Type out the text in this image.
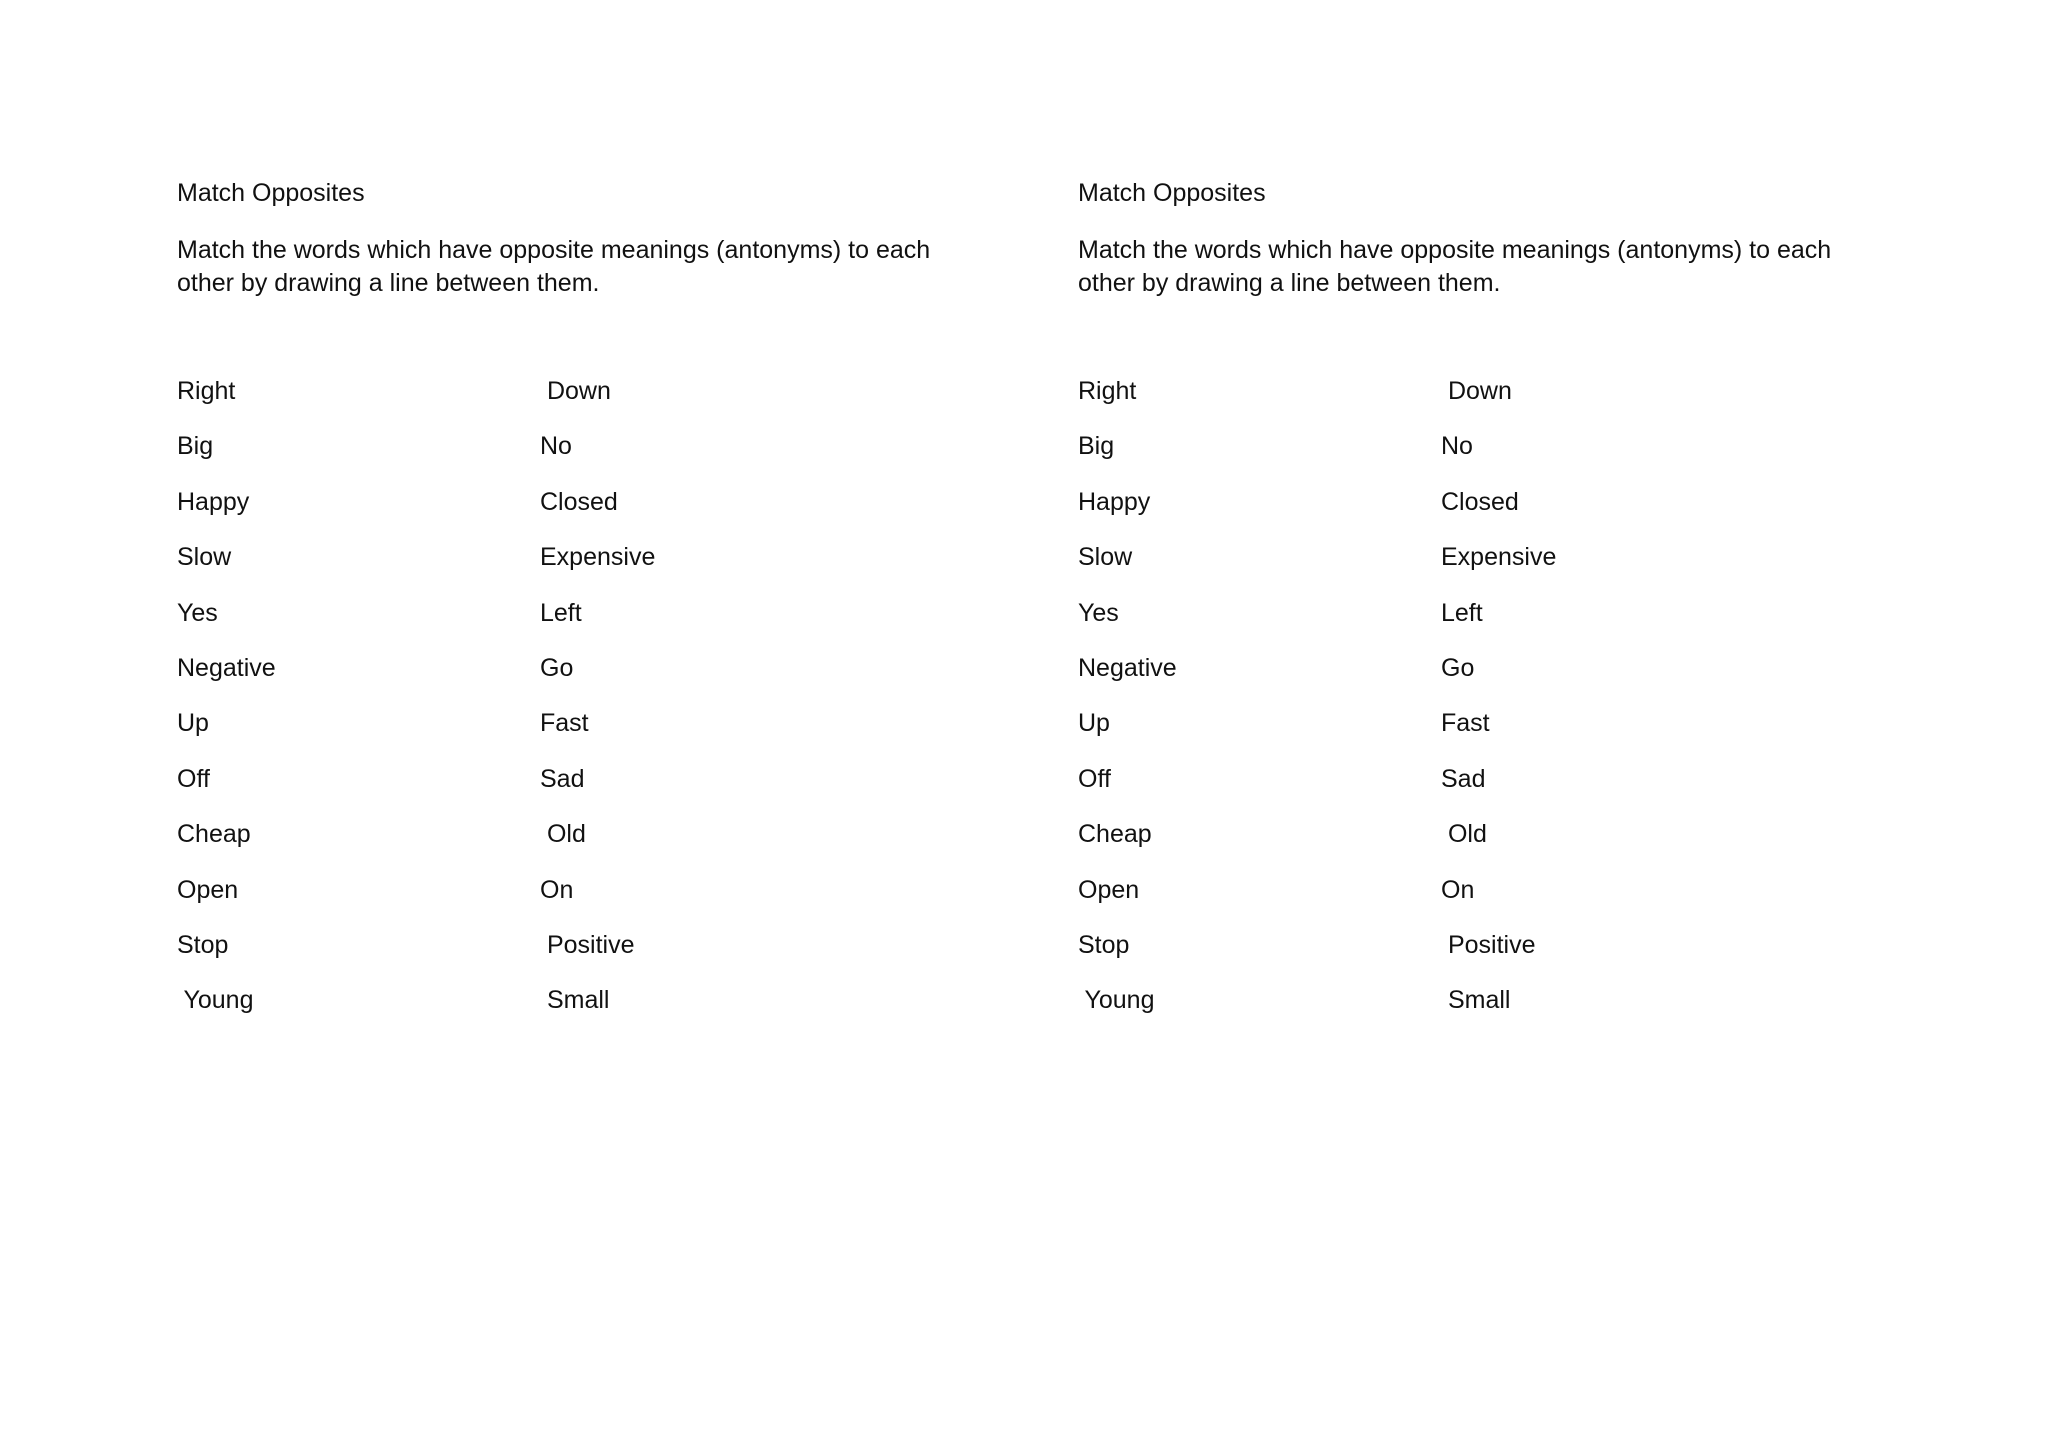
Match Opposites
Match the words which have opposite meanings (antonyms) to each other by drawing a line between them.
Right	Down
Big	No
Happy	Closed
Slow	Expensive
Yes	Left
Negative	Go
Up	Fast
Off	Sad
Cheap	Old
Open	On
Stop	Positive
Young	Small
Match Opposites
Match the words which have opposite meanings (antonyms) to each other by drawing a line between them.
Right	Down
Big	No
Happy	Closed
Slow	Expensive
Yes	Left
Negative	Go
Up	Fast
Off	Sad
Cheap	Old
Open	On
Stop	Positive
Young	Small
